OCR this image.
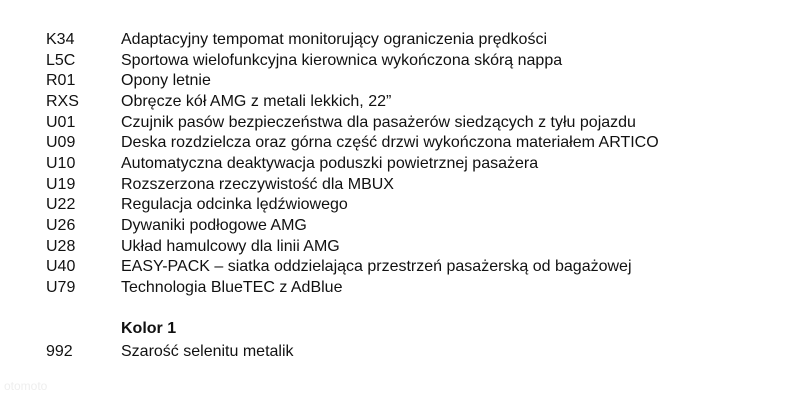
K34	Adaptacyjny tempomat monitorujący ograniczenia prędkości
L5C	Sportowa wielofunkcyjna kierownica wykończona skórą nappa
R01	Opony letnie
RXS	Obręcze kół AMG z metali lekkich, 22”
U01	Czujnik pasów bezpieczeństwa dla pasażerów siedzących z tyłu pojazdu
U09	Deska rozdzielcza oraz górna część drzwi wykończona materiałem ARTICO
U10	Automatyczna deaktywacja poduszki powietrznej pasażera
U19	Rozszerzona rzeczywistość dla MBUX
U22	Regulacja odcinka lędźwiowego
U26	Dywaniki podłogowe AMG
U28	Układ hamulcowy dla linii AMG
U40	EASY-PACK – siatka oddzielająca przestrzeń pasażerską od bagażowej
U79	Technologia BlueTEC z AdBlue
Kolor 1
992	Szarość selenitu metalik
otomoto
